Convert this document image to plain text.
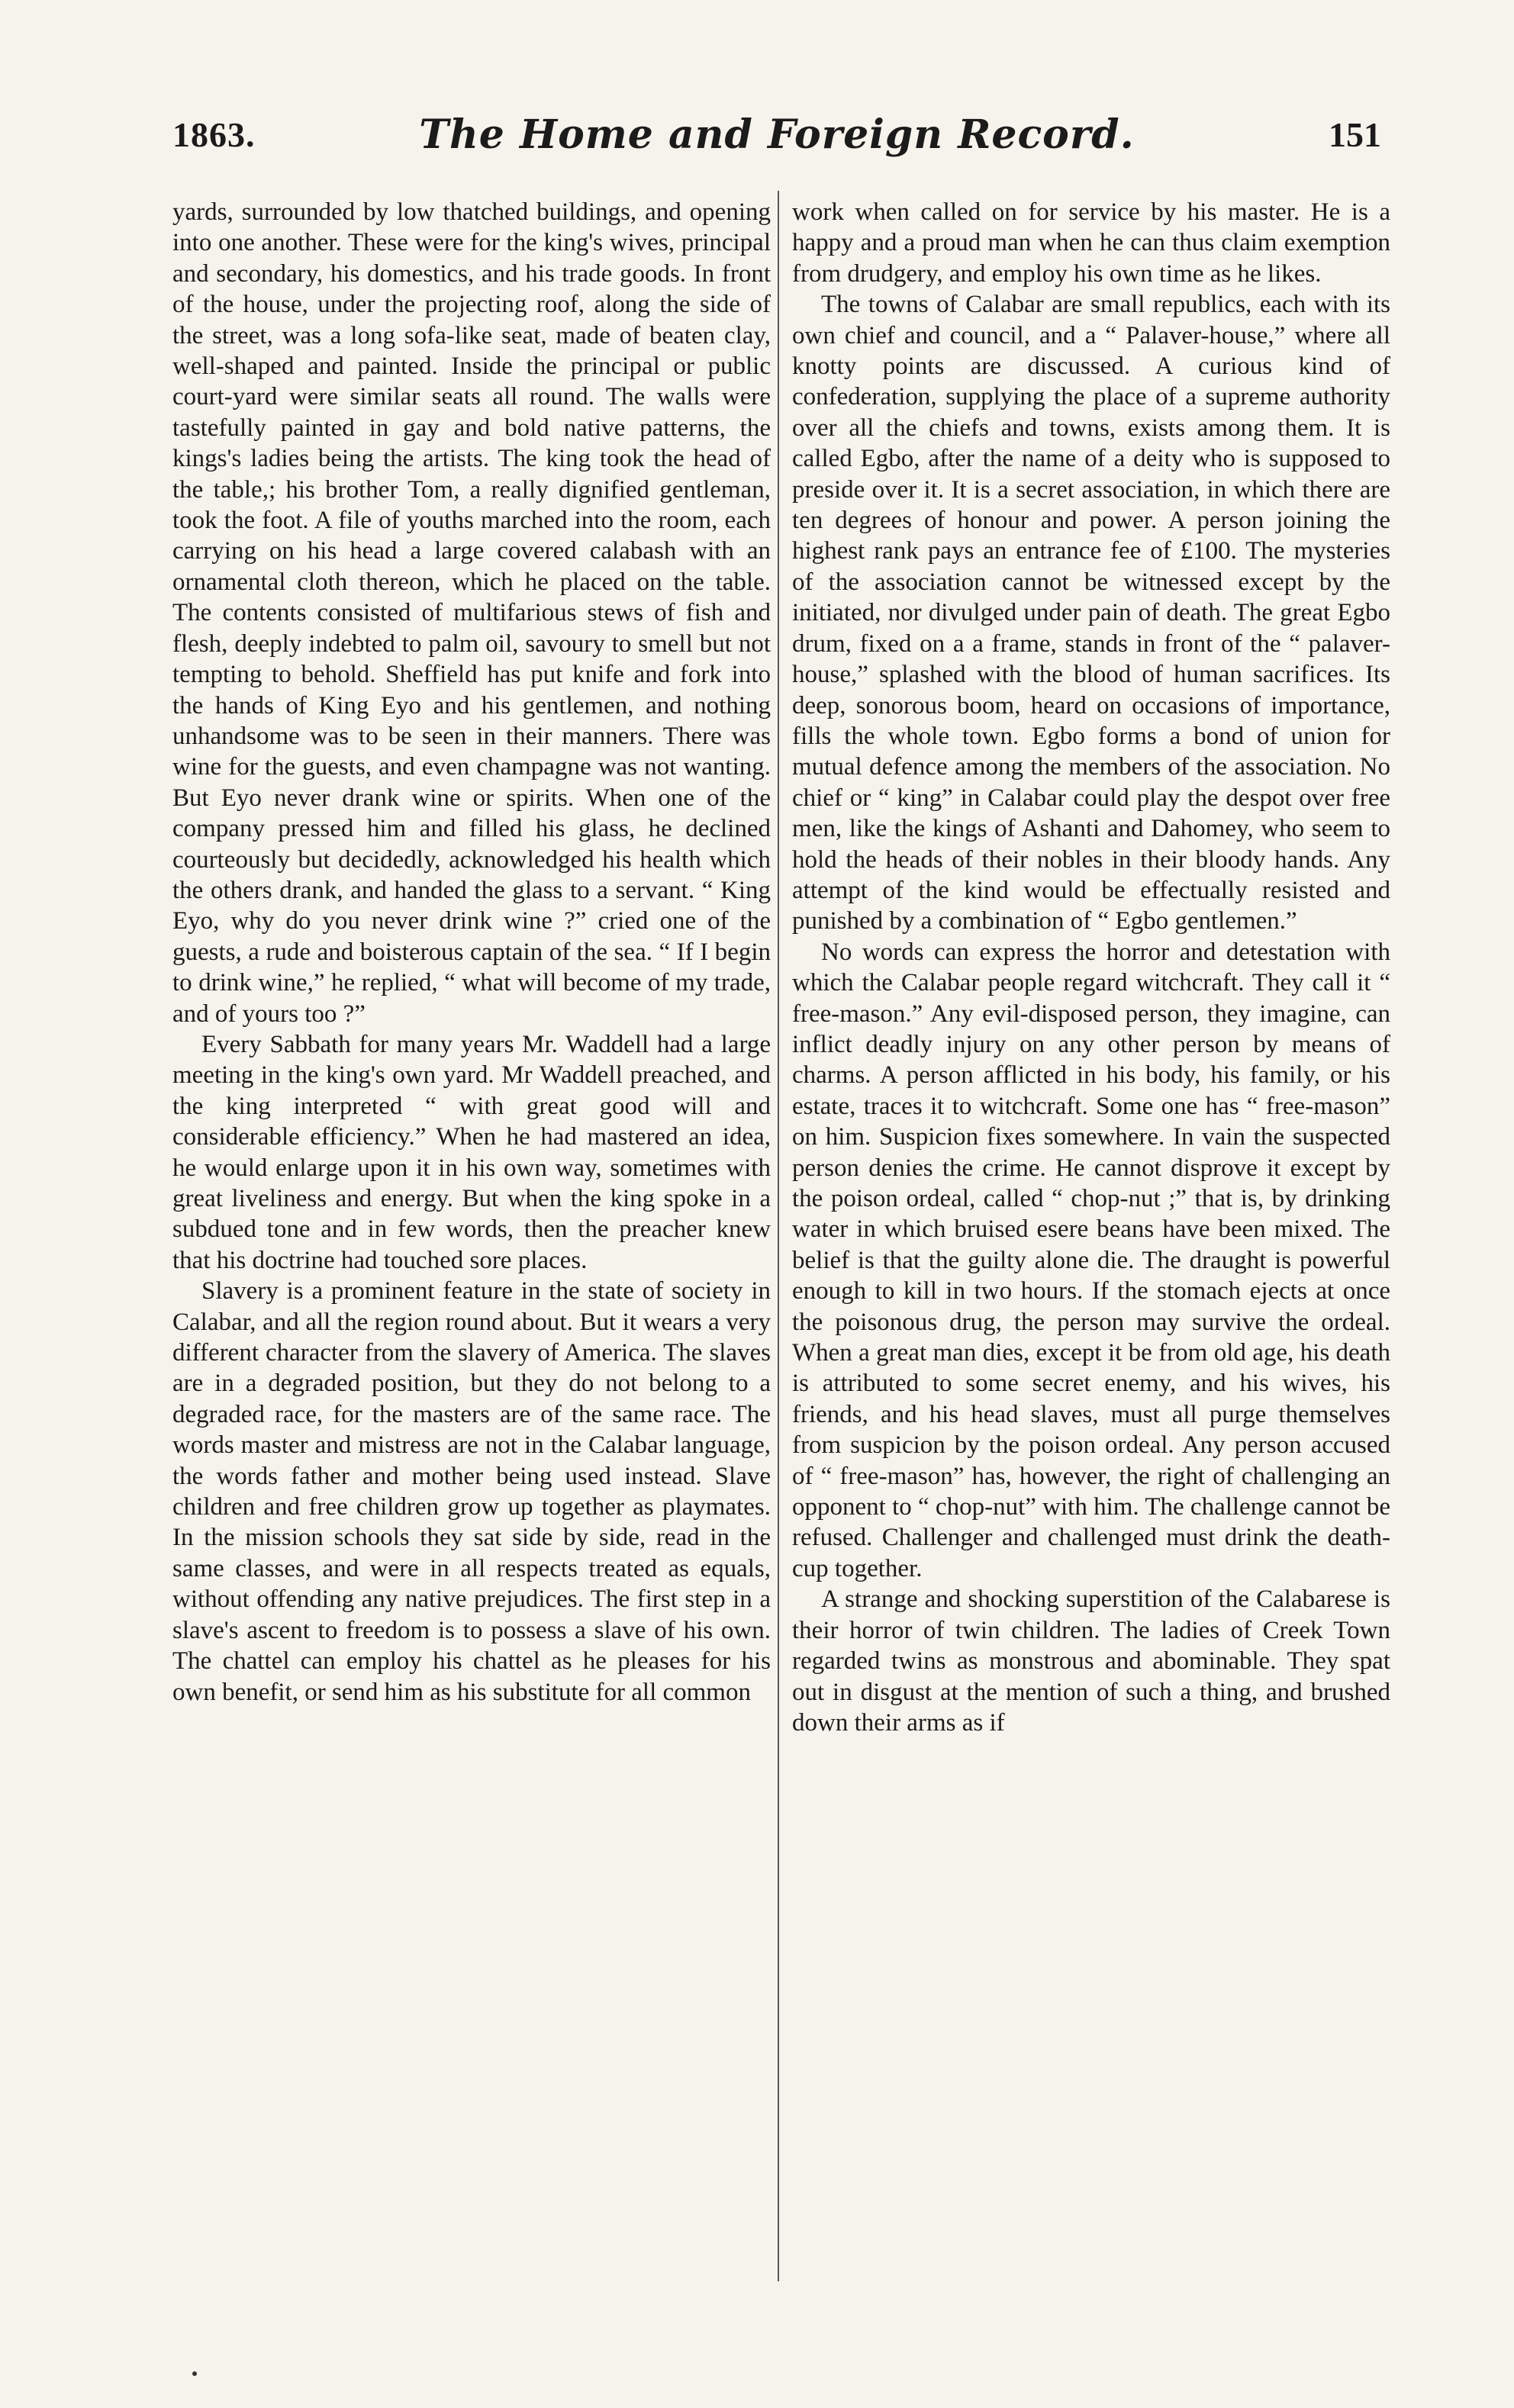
1863.	The Home and Foreign Record.	151

yards, surrounded by low thatched buildings, and opening into one another. These were for the king's wives, principal and secondary, his domestics, and his trade goods. In front of the house, under the projecting roof, along the side of the street, was a long sofa-like seat, made of beaten clay, well-shaped and painted. Inside the principal or public court-yard were similar seats all round. The walls were tastefully painted in gay and bold native patterns, the kings's ladies being the artists. The king took the head of the table,; his brother Tom, a really dignified gentleman, took the foot. A file of youths marched into the room, each carrying on his head a large covered calabash with an ornamental cloth thereon, which he placed on the table. The contents consisted of multifarious stews of fish and flesh, deeply indebted to palm oil, savoury to smell but not tempting to behold. Sheffield has put knife and fork into the hands of King Eyo and his gentlemen, and nothing unhandsome was to be seen in their manners. There was wine for the guests, and even champagne was not wanting. But Eyo never drank wine or spirits. When one of the company pressed him and filled his glass, he declined courteously but decidedly, acknowledged his health which the others drank, and handed the glass to a servant. “ King Eyo, why do you never drink wine ?” cried one of the guests, a rude and boisterous captain of the sea. “ If I begin to drink wine,” he replied, “ what will become of my trade, and of yours too ?”

Every Sabbath for many years Mr. Waddell had a large meeting in the king's own yard. Mr Waddell preached, and the king interpreted “ with great good will and considerable efficiency.” When he had mastered an idea, he would enlarge upon it in his own way, sometimes with great liveliness and energy. But when the king spoke in a subdued tone and in few words, then the preacher knew that his doctrine had touched sore places.

Slavery is a prominent feature in the state of society in Calabar, and all the region round about. But it wears a very different character from the slavery of America. The slaves are in a degraded position, but they do not belong to a degraded race, for the masters are of the same race. The words master and mistress are not in the Calabar language, the words father and mother being used instead. Slave children and free children grow up together as playmates. In the mission schools they sat side by side, read in the same classes, and were in all respects treated as equals, without offending any native prejudices. The first step in a slave's ascent to freedom is to possess a slave of his own. The chattel can employ his chattel as he pleases for his own benefit, or send him as his substitute for all common

work when called on for service by his master. He is a happy and a proud man when he can thus claim exemption from drudgery, and employ his own time as he likes.

The towns of Calabar are small republics, each with its own chief and council, and a “ Palaver-house,” where all knotty points are discussed. A curious kind of confederation, supplying the place of a supreme authority over all the chiefs and towns, exists among them. It is called Egbo, after the name of a deity who is supposed to preside over it. It is a secret association, in which there are ten degrees of honour and power. A person joining the highest rank pays an entrance fee of £100. The mysteries of the association cannot be witnessed except by the initiated, nor divulged under pain of death. The great Egbo drum, fixed on a a frame, stands in front of the “ palaver-house,” splashed with the blood of human sacrifices. Its deep, sonorous boom, heard on occasions of importance, fills the whole town. Egbo forms a bond of union for mutual defence among the members of the association. No chief or “ king” in Calabar could play the despot over free men, like the kings of Ashanti and Dahomey, who seem to hold the heads of their nobles in their bloody hands. Any attempt of the kind would be effectually resisted and punished by a combination of “ Egbo gentlemen.”

No words can express the horror and detestation with which the Calabar people regard witchcraft. They call it “ free-mason.” Any evil-disposed person, they imagine, can inflict deadly injury on any other person by means of charms. A person afflicted in his body, his family, or his estate, traces it to witchcraft. Some one has “ free-mason” on him. Suspicion fixes somewhere. In vain the suspected person denies the crime. He cannot disprove it except by the poison ordeal, called “ chop-nut ;” that is, by drinking water in which bruised esere beans have been mixed. The belief is that the guilty alone die. The draught is powerful enough to kill in two hours. If the stomach ejects at once the poisonous drug, the person may survive the ordeal. When a great man dies, except it be from old age, his death is attributed to some secret enemy, and his wives, his friends, and his head slaves, must all purge themselves from suspicion by the poison ordeal. Any person accused of “ free-mason” has, however, the right of challenging an opponent to “ chop-nut” with him. The challenge cannot be refused. Challenger and challenged must drink the death-cup together.

A strange and shocking superstition of the Calabarese is their horror of twin children. The ladies of Creek Town regarded twins as monstrous and abominable. They spat out in disgust at the mention of such a thing, and brushed down their arms as if
